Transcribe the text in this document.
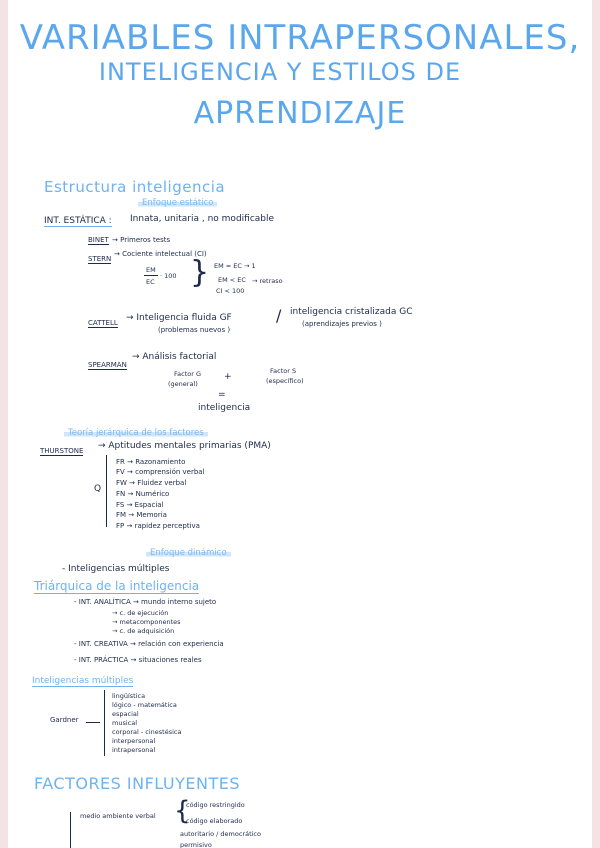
VARIABLES INTRAPERSONALES,
INTELIGENCIA Y ESTILOS DE
APRENDIZAJE
Estructura inteligencia
Enfoque estático
INT. ESTÁTICA : Innata, unitaria , no modificable
BINET → Primeros tests
STERN
→ Cociente intelectual (CI)
EM
EC
· 100 } EM = EC → 1
EM < EC
CI < 100
→ retraso
CATTELL → Inteligencia fluida GF
(problemas nuevos )
/ inteligencia cristalizada GC
(aprendizajes previos )
SPEARMAN
→ Análisis factorial
Factor G
(general)
+
Factor S
(específico)
=
inteligencia
Teoría jerárquica de los factores
THURSTONE → Aptitudes mentales primarias (PMA)
Q
FR → Razonamiento
FV → comprensión verbal
FW → Fluidez verbal
FN → Numérico
FS → Espacial
FM → Memoria
FP → rapidez perceptiva
Enfoque dinámico
- Inteligencias múltiples
Triárquica de la inteligencia
- INT. ANALÍTICA → mundo interno sujeto
→ c. de ejecución
→ metacomponentes
→ c. de adquisición
- INT. CREATIVA → relación con experiencia
- INT. PRÁCTICA → situaciones reales
Inteligencias múltiples
Gardner
lingüística
lógico - matemática
espacial
musical
corporal - cinestésica
interpersonal
intrapersonal
FACTORES INFLUYENTES
medio ambiente verbal {
código restringido
código elaborado
autoritario / democrático
permisivo
